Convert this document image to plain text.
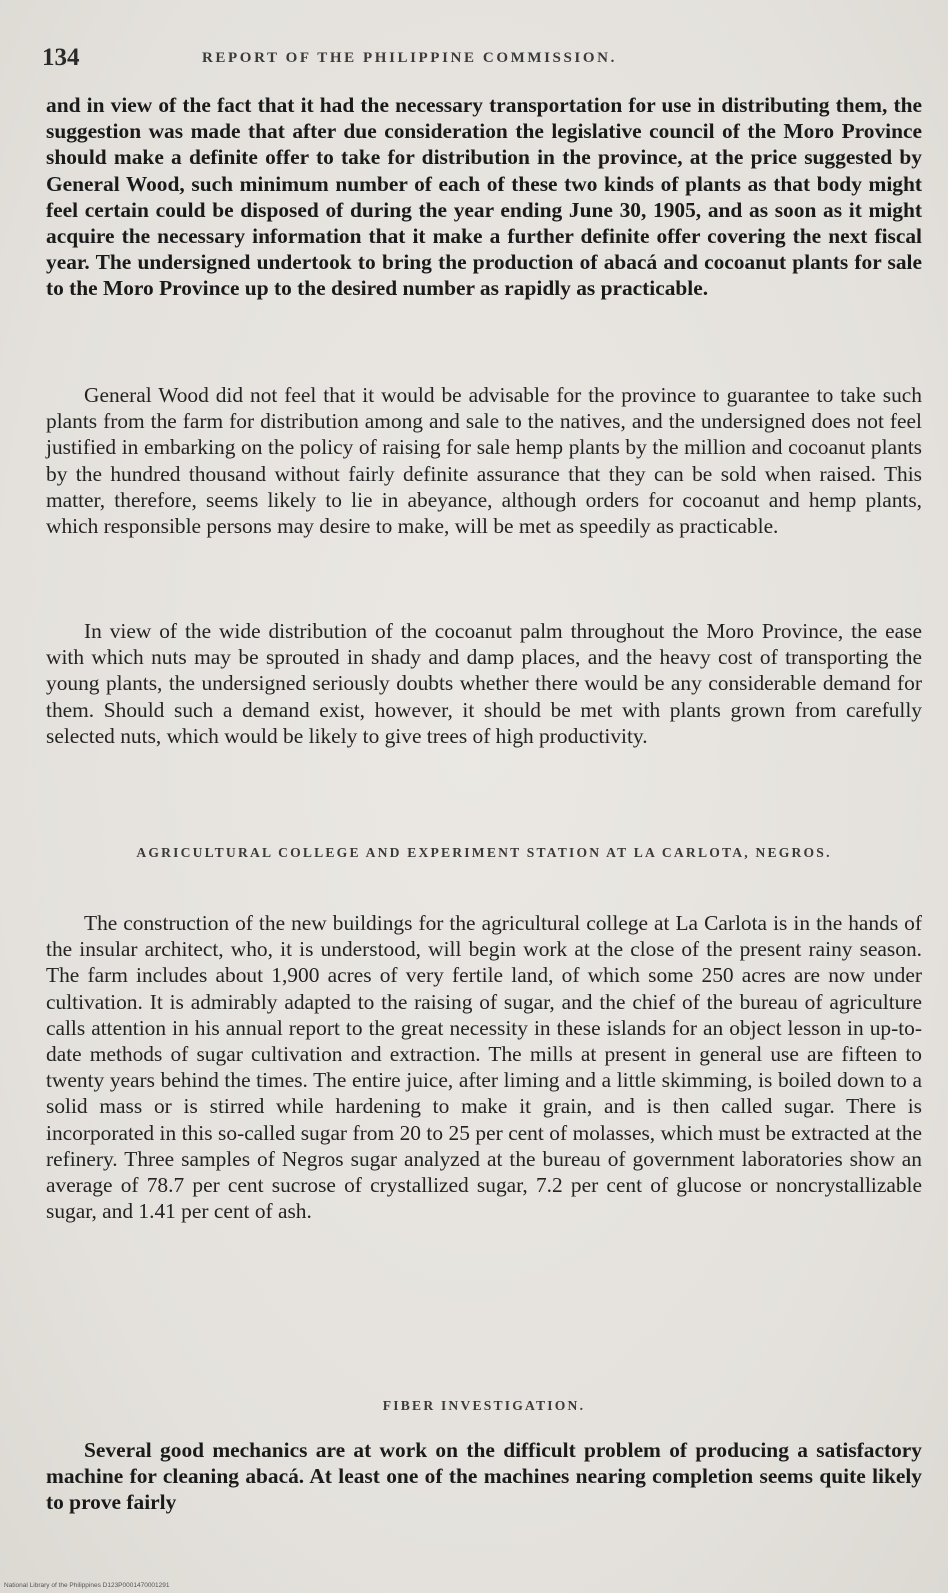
134	REPORT OF THE PHILIPPINE COMMISSION.

and in view of the fact that it had the necessary transportation for use in distributing them, the suggestion was made that after due consideration the legislative council of the Moro Province should make a definite offer to take for distribution in the province, at the price suggested by General Wood, such minimum number of each of these two kinds of plants as that body might feel certain could be disposed of during the year ending June 30, 1905, and as soon as it might acquire the necessary information that it make a further definite offer covering the next fiscal year. The undersigned undertook to bring the production of abacá and cocoanut plants for sale to the Moro Province up to the desired number as rapidly as practicable.

General Wood did not feel that it would be advisable for the province to guarantee to take such plants from the farm for distribution among and sale to the natives, and the undersigned does not feel justified in embarking on the policy of raising for sale hemp plants by the million and cocoanut plants by the hundred thousand without fairly definite assurance that they can be sold when raised. This matter, therefore, seems likely to lie in abeyance, although orders for cocoanut and hemp plants, which responsible persons may desire to make, will be met as speedily as practicable.

In view of the wide distribution of the cocoanut palm throughout the Moro Province, the ease with which nuts may be sprouted in shady and damp places, and the heavy cost of transporting the young plants, the undersigned seriously doubts whether there would be any considerable demand for them. Should such a demand exist, however, it should be met with plants grown from carefully selected nuts, which would be likely to give trees of high productivity.

AGRICULTURAL COLLEGE AND EXPERIMENT STATION AT LA CARLOTA, NEGROS.

The construction of the new buildings for the agricultural college at La Carlota is in the hands of the insular architect, who, it is understood, will begin work at the close of the present rainy season. The farm includes about 1,900 acres of very fertile land, of which some 250 acres are now under cultivation. It is admirably adapted to the raising of sugar, and the chief of the bureau of agriculture calls attention in his annual report to the great necessity in these islands for an object lesson in up-to-date methods of sugar cultivation and extraction. The mills at present in general use are fifteen to twenty years behind the times. The entire juice, after liming and a little skimming, is boiled down to a solid mass or is stirred while hardening to make it grain, and is then called sugar. There is incorporated in this so-called sugar from 20 to 25 per cent of molasses, which must be extracted at the refinery. Three samples of Negros sugar analyzed at the bureau of government laboratories show an average of 78.7 per cent sucrose of crystallized sugar, 7.2 per cent of glucose or noncrystallizable sugar, and 1.41 per cent of ash.

FIBER INVESTIGATION.

Several good mechanics are at work on the difficult problem of producing a satisfactory machine for cleaning abacá. At least one of the machines nearing completion seems quite likely to prove fairly

National Library of the Philippines D123P0001470001291
